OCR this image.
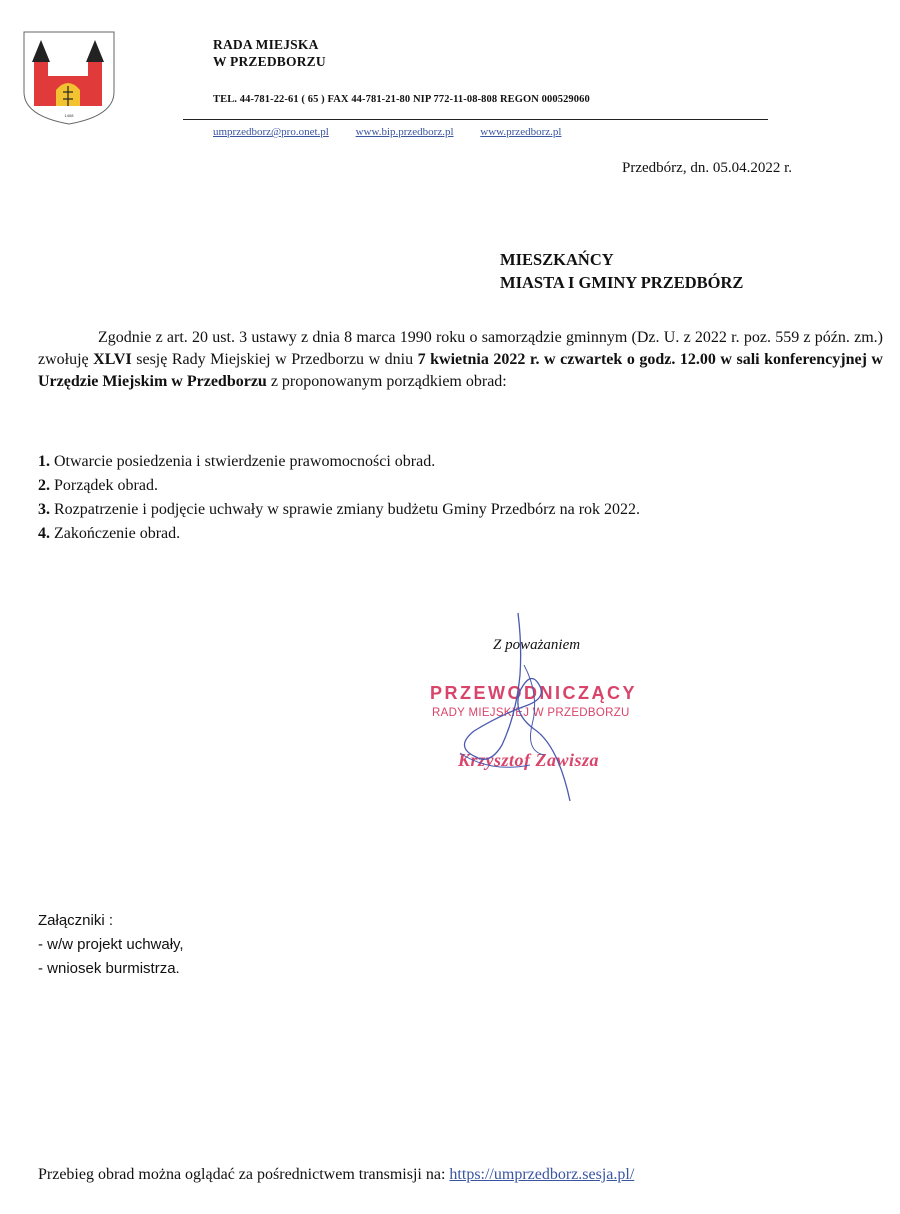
1408
RADA MIEJSKA
W PRZEDBORZU
TEL. 44-781-22-61 ( 65 ) FAX 44-781-21-80 NIP 772-11-08-808 REGON 000529060
umprzedborz@pro.onet.pl www.bip.przedborz.pl www.przedborz.pl
Przedbórz, dn. 05.04.2022 r.
MIESZKAŃCY
MIASTA I GMINY PRZEDBÓRZ

Zgodnie z art. 20 ust. 3 ustawy z dnia 8 marca 1990 roku o samorządzie gminnym (Dz. U. z 2022 r. poz. 559 z późn. zm.) zwołuję XLVI sesję Rady Miejskiej w Przedborzu w dniu 7 kwietnia 2022 r. w czwartek o godz. 12.00 w sali konferencyjnej w Urzędzie Miejskim w Przedborzu z proponowanym porządkiem obrad:

1. Otwarcie posiedzenia i stwierdzenie prawomocności obrad.
2. Porządek obrad.
3. Rozpatrzenie i podjęcie uchwały w sprawie zmiany budżetu Gminy Przedbórz na rok 2022.
4. Zakończenie obrad.
Z poważaniem
PRZEWODNICZĄCY
RADY MIEJSKIEJ W PRZEDBORZU
Krzysztof Zawisza
Załączniki :
- w/w projekt uchwały,
- wniosek burmistrza.
Przebieg obrad można oglądać za pośrednictwem transmisji na: https://umprzedborz.sesja.pl/
